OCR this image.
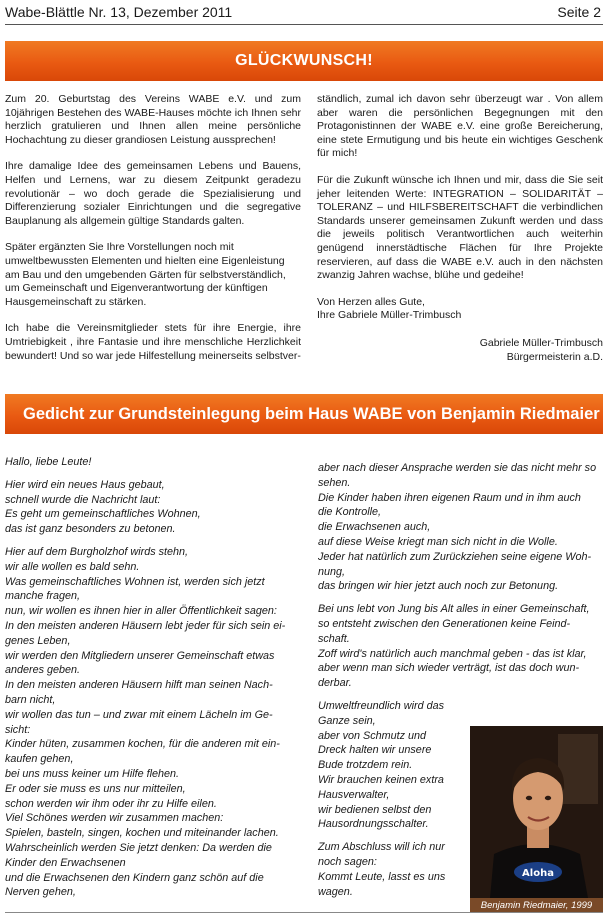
Wabe-Blättle Nr. 13, Dezember 2011	Seite 2
GLÜCKWUNSCH!

Zum 20. Geburtstag des Vereins WABE e.V. und zum 10jährigen Bestehen des WABE-Hauses möchte ich Ihnen sehr herzlich gratulieren und Ihnen allen meine persönliche Hochachtung zu dieser grandiosen Leistung aussprechen!

Ihre damalige Idee des gemeinsamen Lebens und Bauens, Helfen und Lernens, war zu diesem Zeitpunkt geradezu revolutionär – wo doch gerade die Spezialisierung und Differenzierung sozialer Einrichtungen und die segregative Bauplanung als allgemein gültige Standards galten.

Später ergänzten Sie Ihre Vorstellungen noch mit umweltbewussten Elementen und hielten eine Eigenleistung am Bau und den umgebenden Gärten für selbstverständlich, um Gemeinschaft und Eigenverantwortung der künftigen Hausgemeinschaft zu stärken.

Ich habe die Vereinsmitglieder stets für ihre Energie, ihre Umtriebigkeit , ihre Fantasie und ihre menschliche Herzlichkeit bewundert! Und so war jede Hilfestellung meinerseits selbstver-

ständlich, zumal ich davon sehr überzeugt war . Von allem aber waren die persönlichen Begegnungen mit den Protagonistinnen der WABE e.V. eine große Bereicherung, eine stete Ermutigung und bis heute ein wichtiges Geschenk für mich!

Für die Zukunft wünsche ich Ihnen und mir, dass die Sie seit jeher leitenden Werte: INTEGRATION – SOLIDARITÄT – TOLERANZ – und HILFSBEREITSCHAFT die verbindlichen Standards unserer gemeinsamen Zukunft werden und dass die jeweils politisch Verantwortlichen auch weiterhin genügend innerstädtische Flächen für Ihre Projekte reservieren, auf dass die WABE e.V. auch in den nächsten zwanzig Jahren wachse, blühe und gedeihe!

Von Herzen alles Gute,
Ihre Gabriele Müller-Trimbusch
Gabriele Müller-Trimbusch
Bürgermeisterin a.D.
Gedicht zur Grundsteinlegung beim Haus WABE von Benjamin Riedmaier
Hallo, liebe Leute!
Hier wird ein neues Haus gebaut,
schnell wurde die Nachricht laut:
Es geht um gemeinschaftliches Wohnen,
das ist ganz besonders zu betonen.
Hier auf dem Burgholzhof wirds stehn,
wir alle wollen es bald sehn.
Was gemeinschaftliches Wohnen ist, werden sich jetzt
manche fragen,
nun, wir wollen es ihnen hier in aller Öffentlichkeit sagen:
In den meisten anderen Häusern lebt jeder für sich sein ei-
genes Leben,
wir werden den Mitgliedern unserer Gemeinschaft etwas
anderes geben.
In den meisten anderen Häusern hilft man seinen Nach-
barn nicht,
wir wollen das tun – und zwar mit einem Lächeln im Ge-
sicht:
Kinder hüten, zusammen kochen, für die anderen mit ein-
kaufen gehen,
bei uns muss keiner um Hilfe flehen.
Er oder sie muss es uns nur mitteilen,
schon werden wir ihm oder ihr zu Hilfe eilen.
Viel Schönes werden wir zusammen machen:
Spielen, basteln, singen, kochen und miteinander lachen.
Wahrscheinlich werden Sie jetzt denken: Da werden die
Kinder den Erwachsenen
und die Erwachsenen den Kindern ganz schön auf die
Nerven gehen,
aber nach dieser Ansprache werden sie das nicht mehr so
sehen.
Die Kinder haben ihren eigenen Raum und in ihm auch
die Kontrolle,
die Erwachsenen auch,
auf diese Weise kriegt man sich nicht in die Wolle.
Jeder hat natürlich zum Zurückziehen seine eigene Woh-
nung,
das bringen wir hier jetzt auch noch zur Betonung.
Bei uns lebt von Jung bis Alt alles in einer Gemeinschaft,
so entsteht zwischen den Generationen keine Feind-
schaft.
Zoff wird's natürlich auch manchmal geben - das ist klar,
aber wenn man sich wieder verträgt, ist das doch wun-
derbar.
Umweltfreundlich wird das
Ganze sein,
aber von Schmutz und
Dreck halten wir unsere
Bude trotzdem rein.
Wir brauchen keinen extra
Hausverwalter,
wir bedienen selbst den
Hausordnungsschalter.
Zum Abschluss will ich nur
noch sagen:
Kommt Leute, lasst es uns
wagen.
Aloha
Benjamin Riedmaier, 1999
